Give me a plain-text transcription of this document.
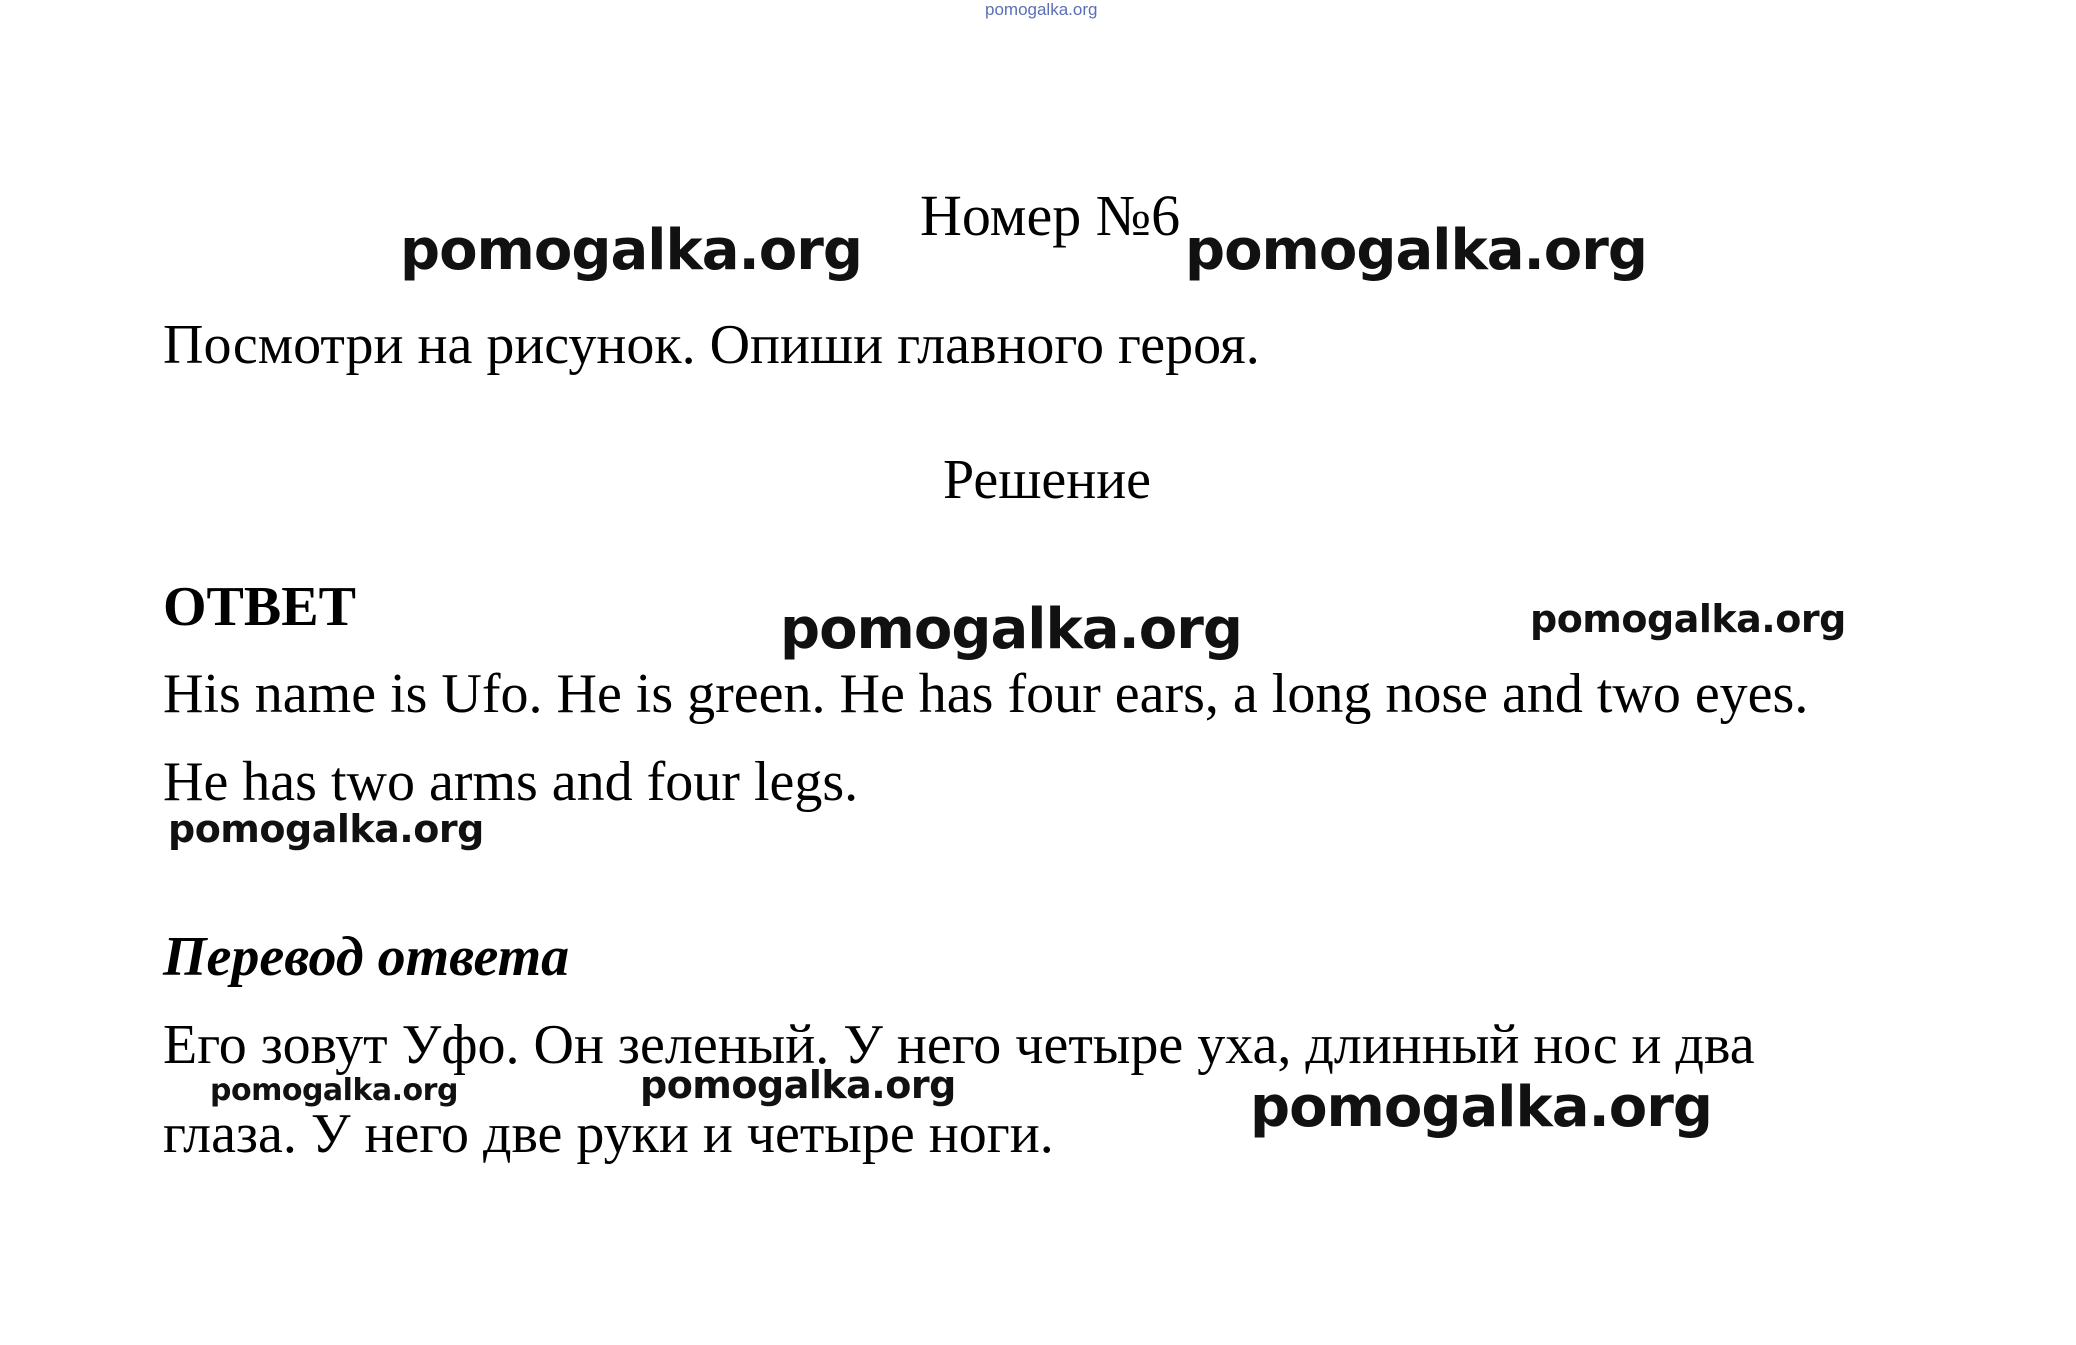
pomogalka.org
Номер №6

Посмотри на рисунок. Опиши главного героя.

Решение

ОТВЕТ

His name is Ufo. He is green. He has four ears, a long nose and two eyes.

He has two arms and four legs.

Перевод ответа

Его зовут Уфо. Он зеленый. У него четыре уха, длинный нос и два

глаза. У него две руки и четыре ноги.

pomogalka.org	pomogalka.org
pomogalka.org	pomogalka.org
pomogalka.org
pomogalka.org	pomogalka.org	pomogalka.org
